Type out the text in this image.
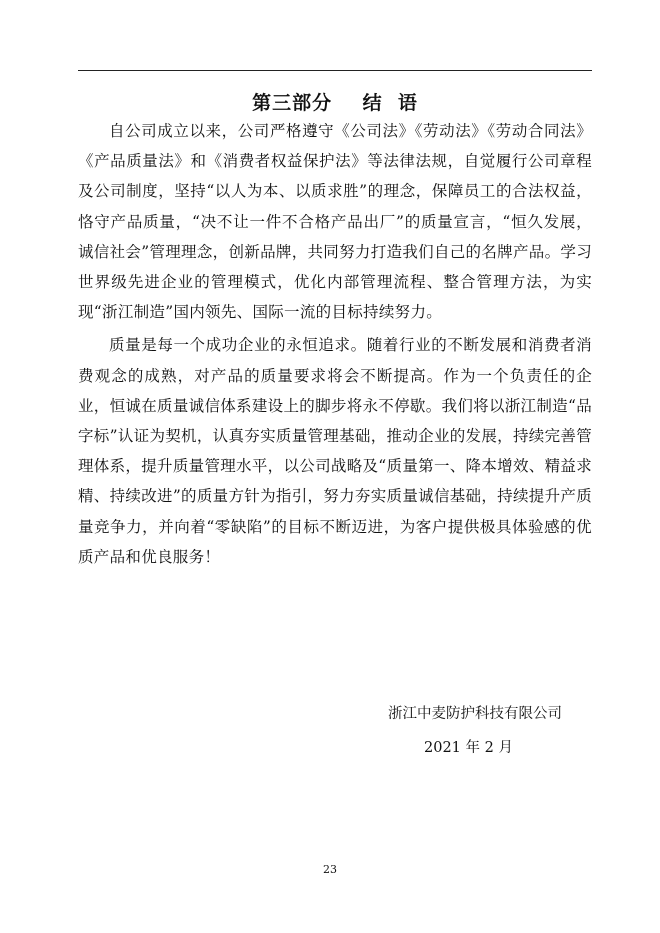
第三部分    结  语

自公司成立以来，公司严格遵守《公司法》《劳动法》《劳动合同法》《产品质量法》和《消费者权益保护法》等法律法规，自觉履行公司章程及公司制度，坚持“以人为本、以质求胜”的理念，保障员工的合法权益，恪守产品质量，“决不让一件不合格产品出厂”的质量宣言，“恒久发展，诚信社会”管理理念，创新品牌，共同努力打造我们自己的名牌产品。学习世界级先进企业的管理模式，优化内部管理流程、整合管理方法，为实现“浙江制造”国内领先、国际一流的目标持续努力。

质量是每一个成功企业的永恒追求。随着行业的不断发展和消费者消费观念的成熟，对产品的质量要求将会不断提高。作为一个负责任的企业，恒诚在质量诚信体系建设上的脚步将永不停歇。我们将以浙江制造“品字标”认证为契机，认真夯实质量管理基础，推动企业的发展，持续完善管理体系，提升质量管理水平，以公司战略及“质量第一、降本增效、精益求精、持续改进”的质量方针为指引，努力夯实质量诚信基础，持续提升产质量竞争力，并向着“零缺陷”的目标不断迈进，为客户提供极具体验感的优质产品和优良服务！

浙江中麦防护科技有限公司
2021 年 2 月
23
